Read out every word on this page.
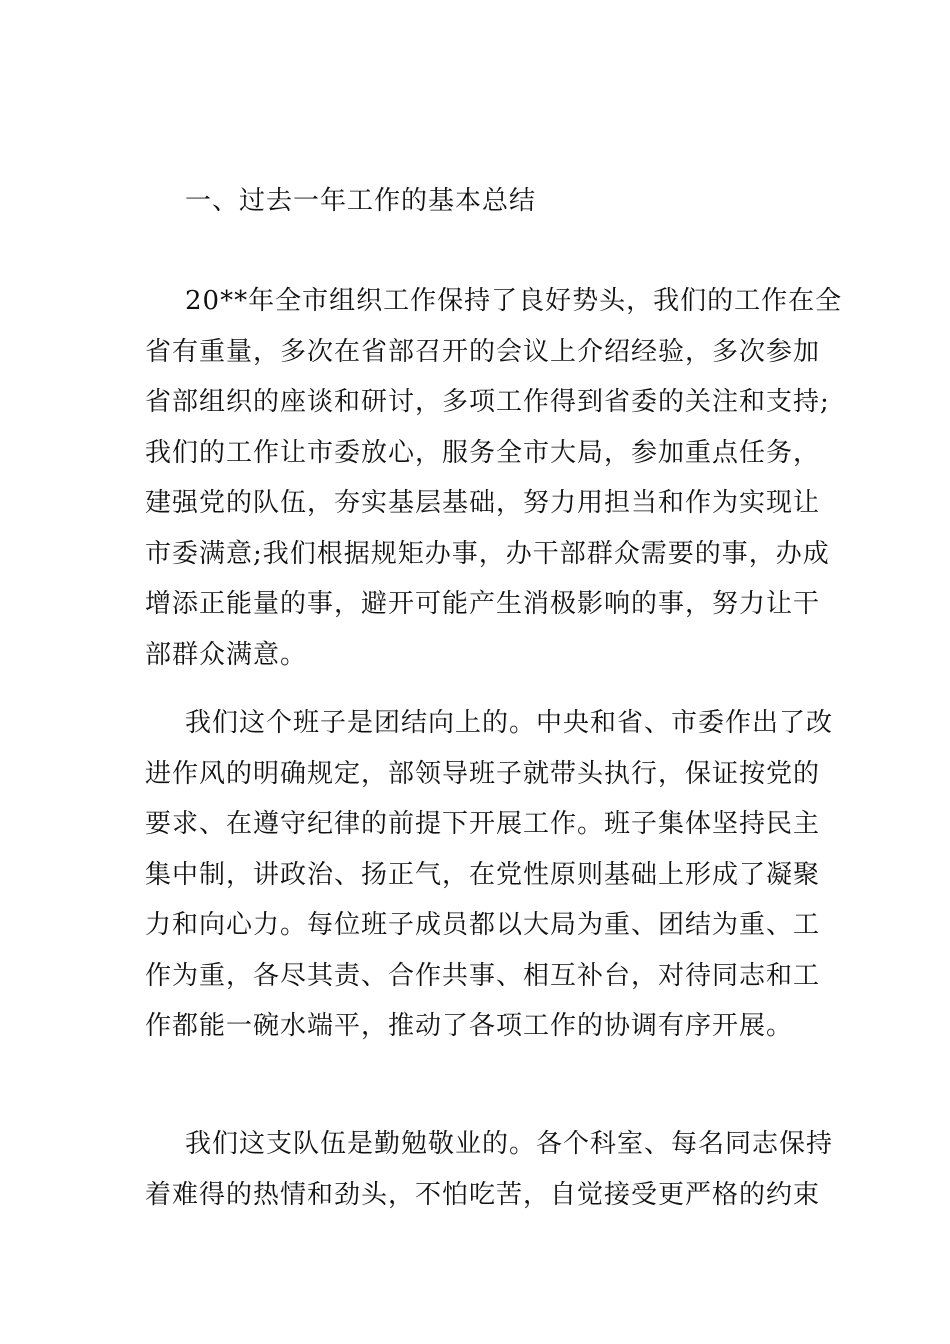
一、过去一年工作的基本总结
20**年全市组织工作保持了良好势头，我们的工作在全
省有重量，多次在省部召开的会议上介绍经验，多次参加
省部组织的座谈和研讨，多项工作得到省委的关注和支持;
我们的工作让市委放心，服务全市大局，参加重点任务，
建强党的队伍，夯实基层基础，努力用担当和作为实现让
市委满意;我们根据规矩办事，办干部群众需要的事，办成
增添正能量的事，避开可能产生消极影响的事，努力让干
部群众满意。
我们这个班子是团结向上的。中央和省、市委作出了改
进作风的明确规定，部领导班子就带头执行，保证按党的
要求、在遵守纪律的前提下开展工作。班子集体坚持民主
集中制，讲政治、扬正气，在党性原则基础上形成了凝聚
力和向心力。每位班子成员都以大局为重、团结为重、工
作为重，各尽其责、合作共事、相互补台，对待同志和工
作都能一碗水端平，推动了各项工作的协调有序开展。
我们这支队伍是勤勉敬业的。各个科室、每名同志保持
着难得的热情和劲头，不怕吃苦，自觉接受更严格的约束
